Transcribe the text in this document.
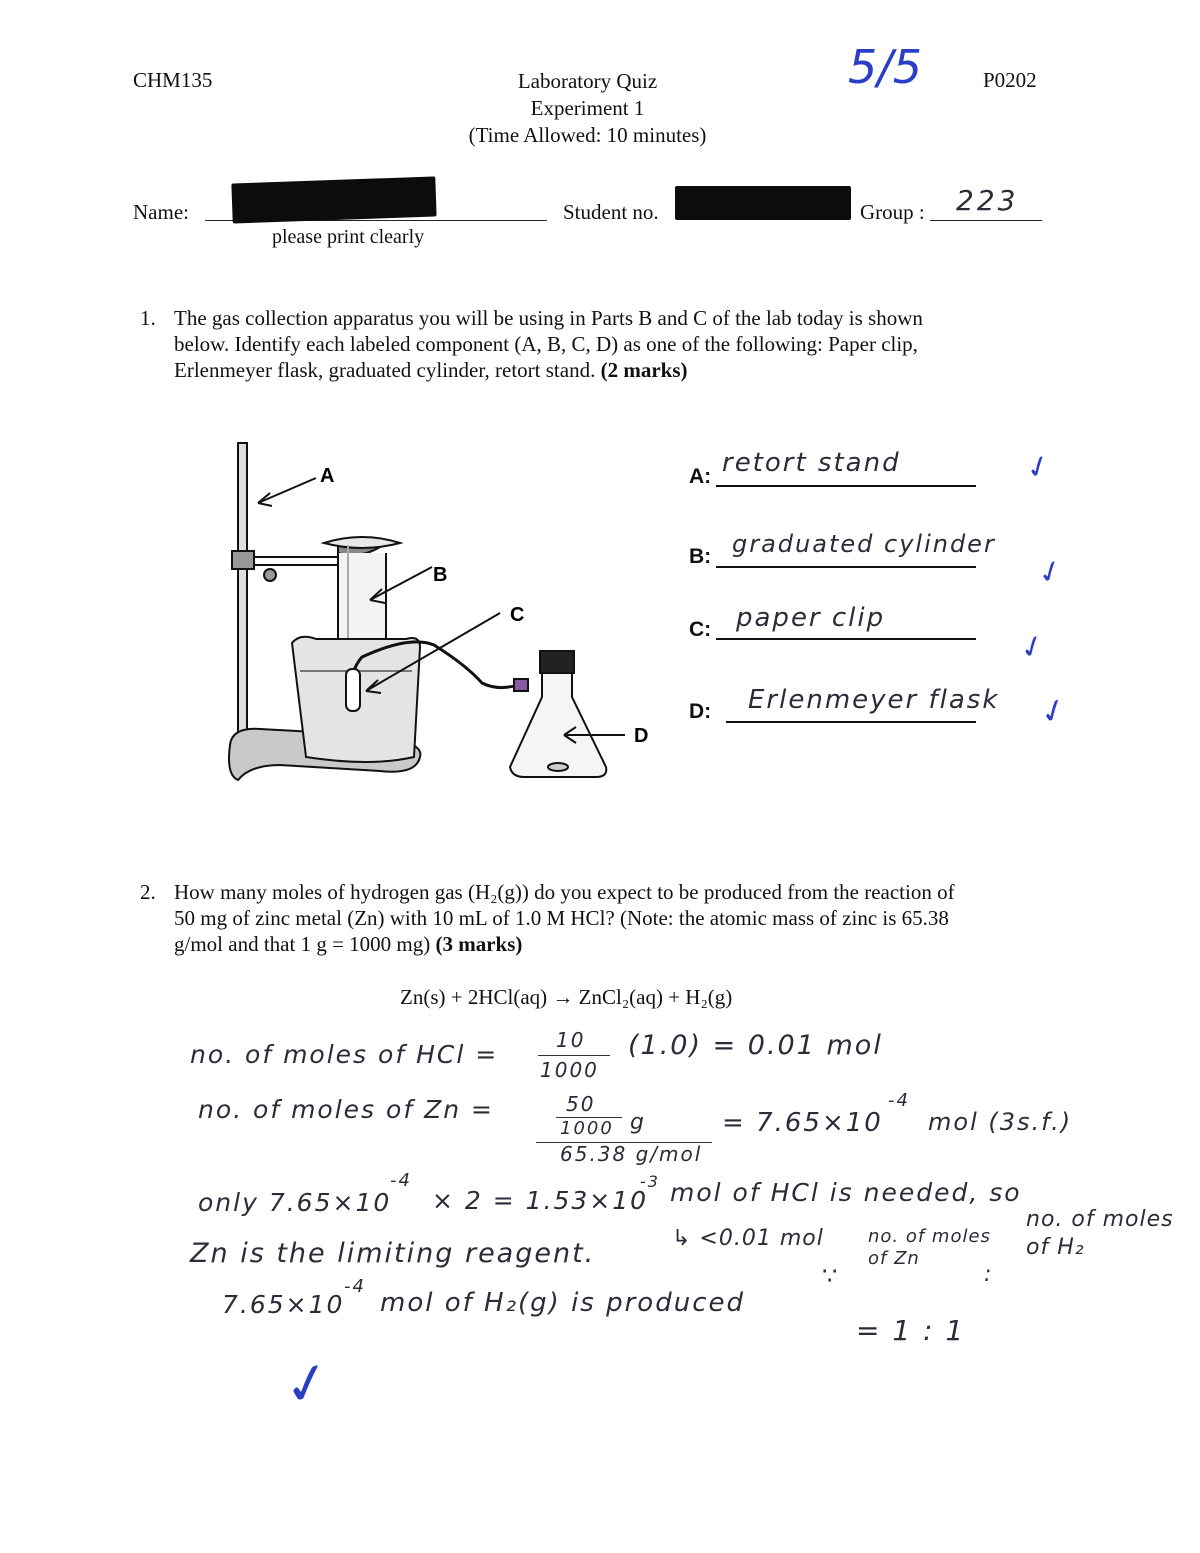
CHM135	Laboratory Quiz
Experiment 1
(Time Allowed: 10 minutes)
P0202
5/5
Name:
please print clearly
Student no.	Group : 223
1. The gas collection apparatus you will be using in Parts B and C of the lab today is shown
below. Identify each labeled component (A, B, C, D) as one of the following: Paper clip,
Erlenmeyer flask, graduated cylinder, retort stand. (2 marks)
A
B
C
D
A: retort stand	✓
B: graduated cylinder
✓
C: paper clip
✓
D: Erlenmeyer flask ✓
2. How many moles of hydrogen gas (H₂(g)) do you expect to be produced from the reaction of
50 mg of zinc metal (Zn) with 10 mL of 1.0 M HCl? (Note: the atomic mass of zinc is 65.38
g/mol and that 1 g = 1000 mg) (3 marks)
Zn(s) + 2HCl(aq) → ZnCl₂(aq) + H₂(g)
no. of moles of HCl =	10
1000
(1.0) = 0.01 mol
no. of moles of Zn =	50
1000 g
65.38 g/mol
= 7.65×10
-4
mol (3s.f.)
only 7.65×10
-4
× 2 = 1.53×10
-3 mol of HCl is needed, so
Zn is the limiting reagent.	↳ <0.01 mol no. of moles of Zn
:
no. of moles of H₂
7.65×10
-4
mol of H₂(g) is produced
∵
= 1 : 1
✓
